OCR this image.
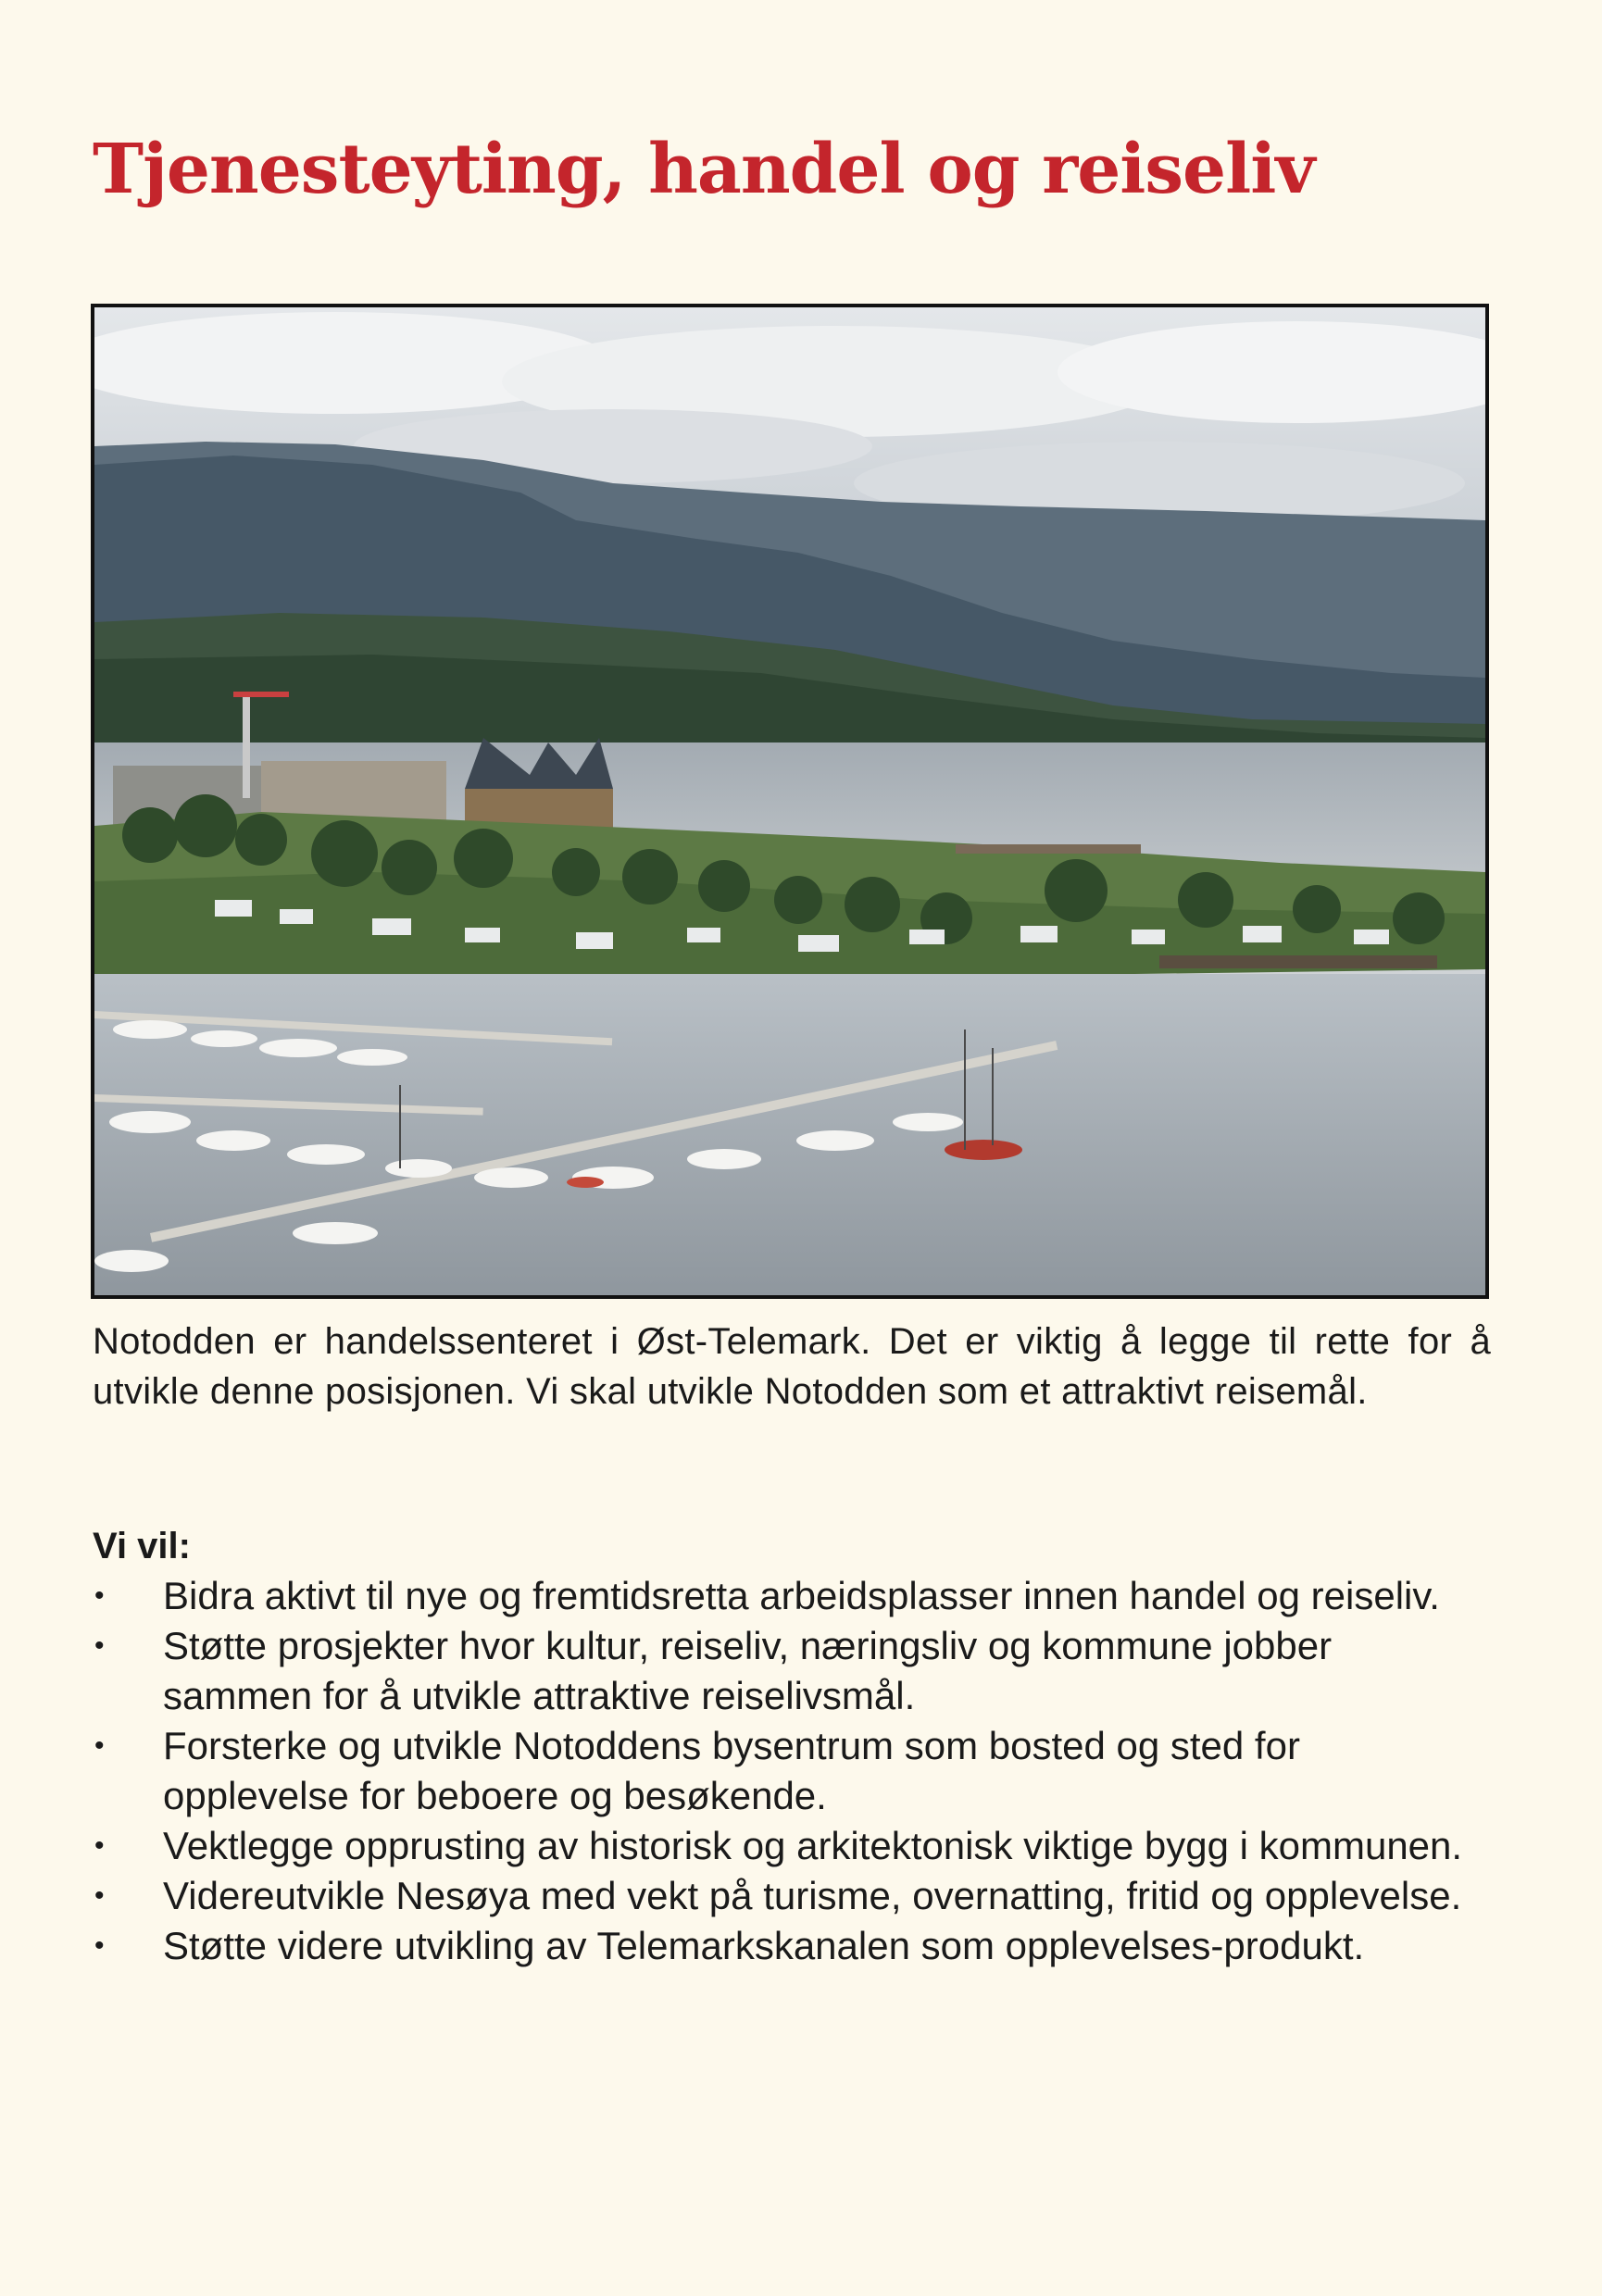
Tjenesteyting, handel og reiseliv

Notodden er handelssenteret i Øst-Telemark. Det er viktig å legge til rette for å utvikle denne posisjonen. Vi skal utvikle Notodden som et attraktivt reisemål.

Vi vil:

• Bidra aktivt til nye og fremtidsretta arbeidsplasser innen handel og reiseliv.
• Støtte prosjekter hvor kultur, reiseliv, næringsliv og kommune jobber sammen for å utvikle attraktive reiselivsmål.
• Forsterke og utvikle Notoddens bysentrum som bosted og sted for opplevelse for beboere og besøkende.
• Vektlegge opprusting av historisk og arkitektonisk viktige bygg i kommunen.
• Videreutvikle Nesøya med vekt på turisme, overnatting, fritid og opplevelse.
• Støtte videre utvikling av Telemarkskanalen som opplevelses-produkt.
